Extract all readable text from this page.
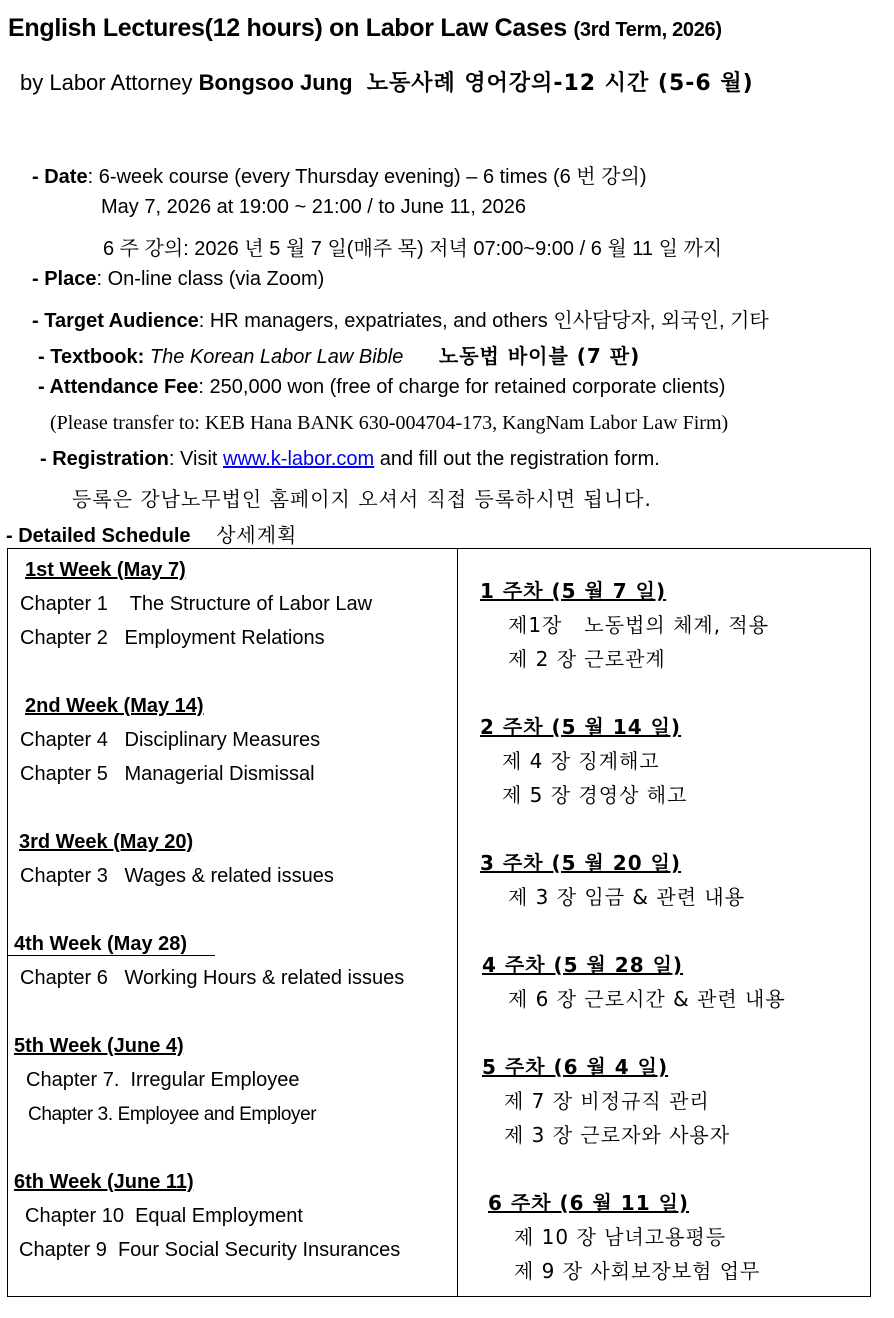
English Lectures(12 hours) on Labor Law Cases (3rd Term, 2026)
by Labor Attorney Bongsoo Jung 노동사례 영어강의-12 시간 (5-6 월)
- Date: 6-week course (every Thursday evening) – 6 times (6 번 강의)
May 7, 2026 at 19:00 ~ 21:00 / to June 11, 2026
6 주 강의: 2026 년 5 월 7 일(매주 목) 저녁 07:00~9:00 / 6 월 11 일 까지
- Place: On-line class (via Zoom)
- Target Audience: HR managers, expatriates, and others 인사담당자, 외국인, 기타
- Textbook: The Korean Labor Law Bible 노동법 바이블 (7 판)
- Attendance Fee: 250,000 won (free of charge for retained corporate clients)
(Please transfer to: KEB Hana BANK 630-004704-173, KangNam Labor Law Firm)
- Registration: Visit www.k-labor.com and fill out the registration form.
등록은 강남노무법인 홈페이지 오셔서 직접 등록하시면 됩니다.
- Detailed Schedule 상세계획
1st Week (May 7)
Chapter 1    The Structure of Labor Law
Chapter 2   Employment Relations
2nd Week (May 14)
Chapter 4   Disciplinary Measures
Chapter 5   Managerial Dismissal
3rd Week (May 20)
Chapter 3   Wages & related issues
4th Week (May 28)
Chapter 6   Working Hours & related issues
5th Week (June 4)
Chapter 7.  Irregular Employee
Chapter 3. Employee and Employer
6th Week (June 11)
Chapter 10  Equal Employment
Chapter 9  Four Social Security Insurances
1 주차 (5 월 7 일)
제1장   노동법의 체계, 적용
제 2 장 근로관계
2 주차 (5 월 14 일)
제 4 장 징계해고
제 5 장 경영상 해고
3 주차 (5 월 20 일)
제 3 장 임금 & 관련 내용
4 주차 (5 월 28 일)
제 6 장 근로시간 & 관련 내용
5 주차 (6 월 4 일)
제 7 장 비정규직 관리
제 3 장 근로자와 사용자
6 주차 (6 월 11 일)
제 10 장 남녀고용평등
제 9 장 사회보장보험 업무
